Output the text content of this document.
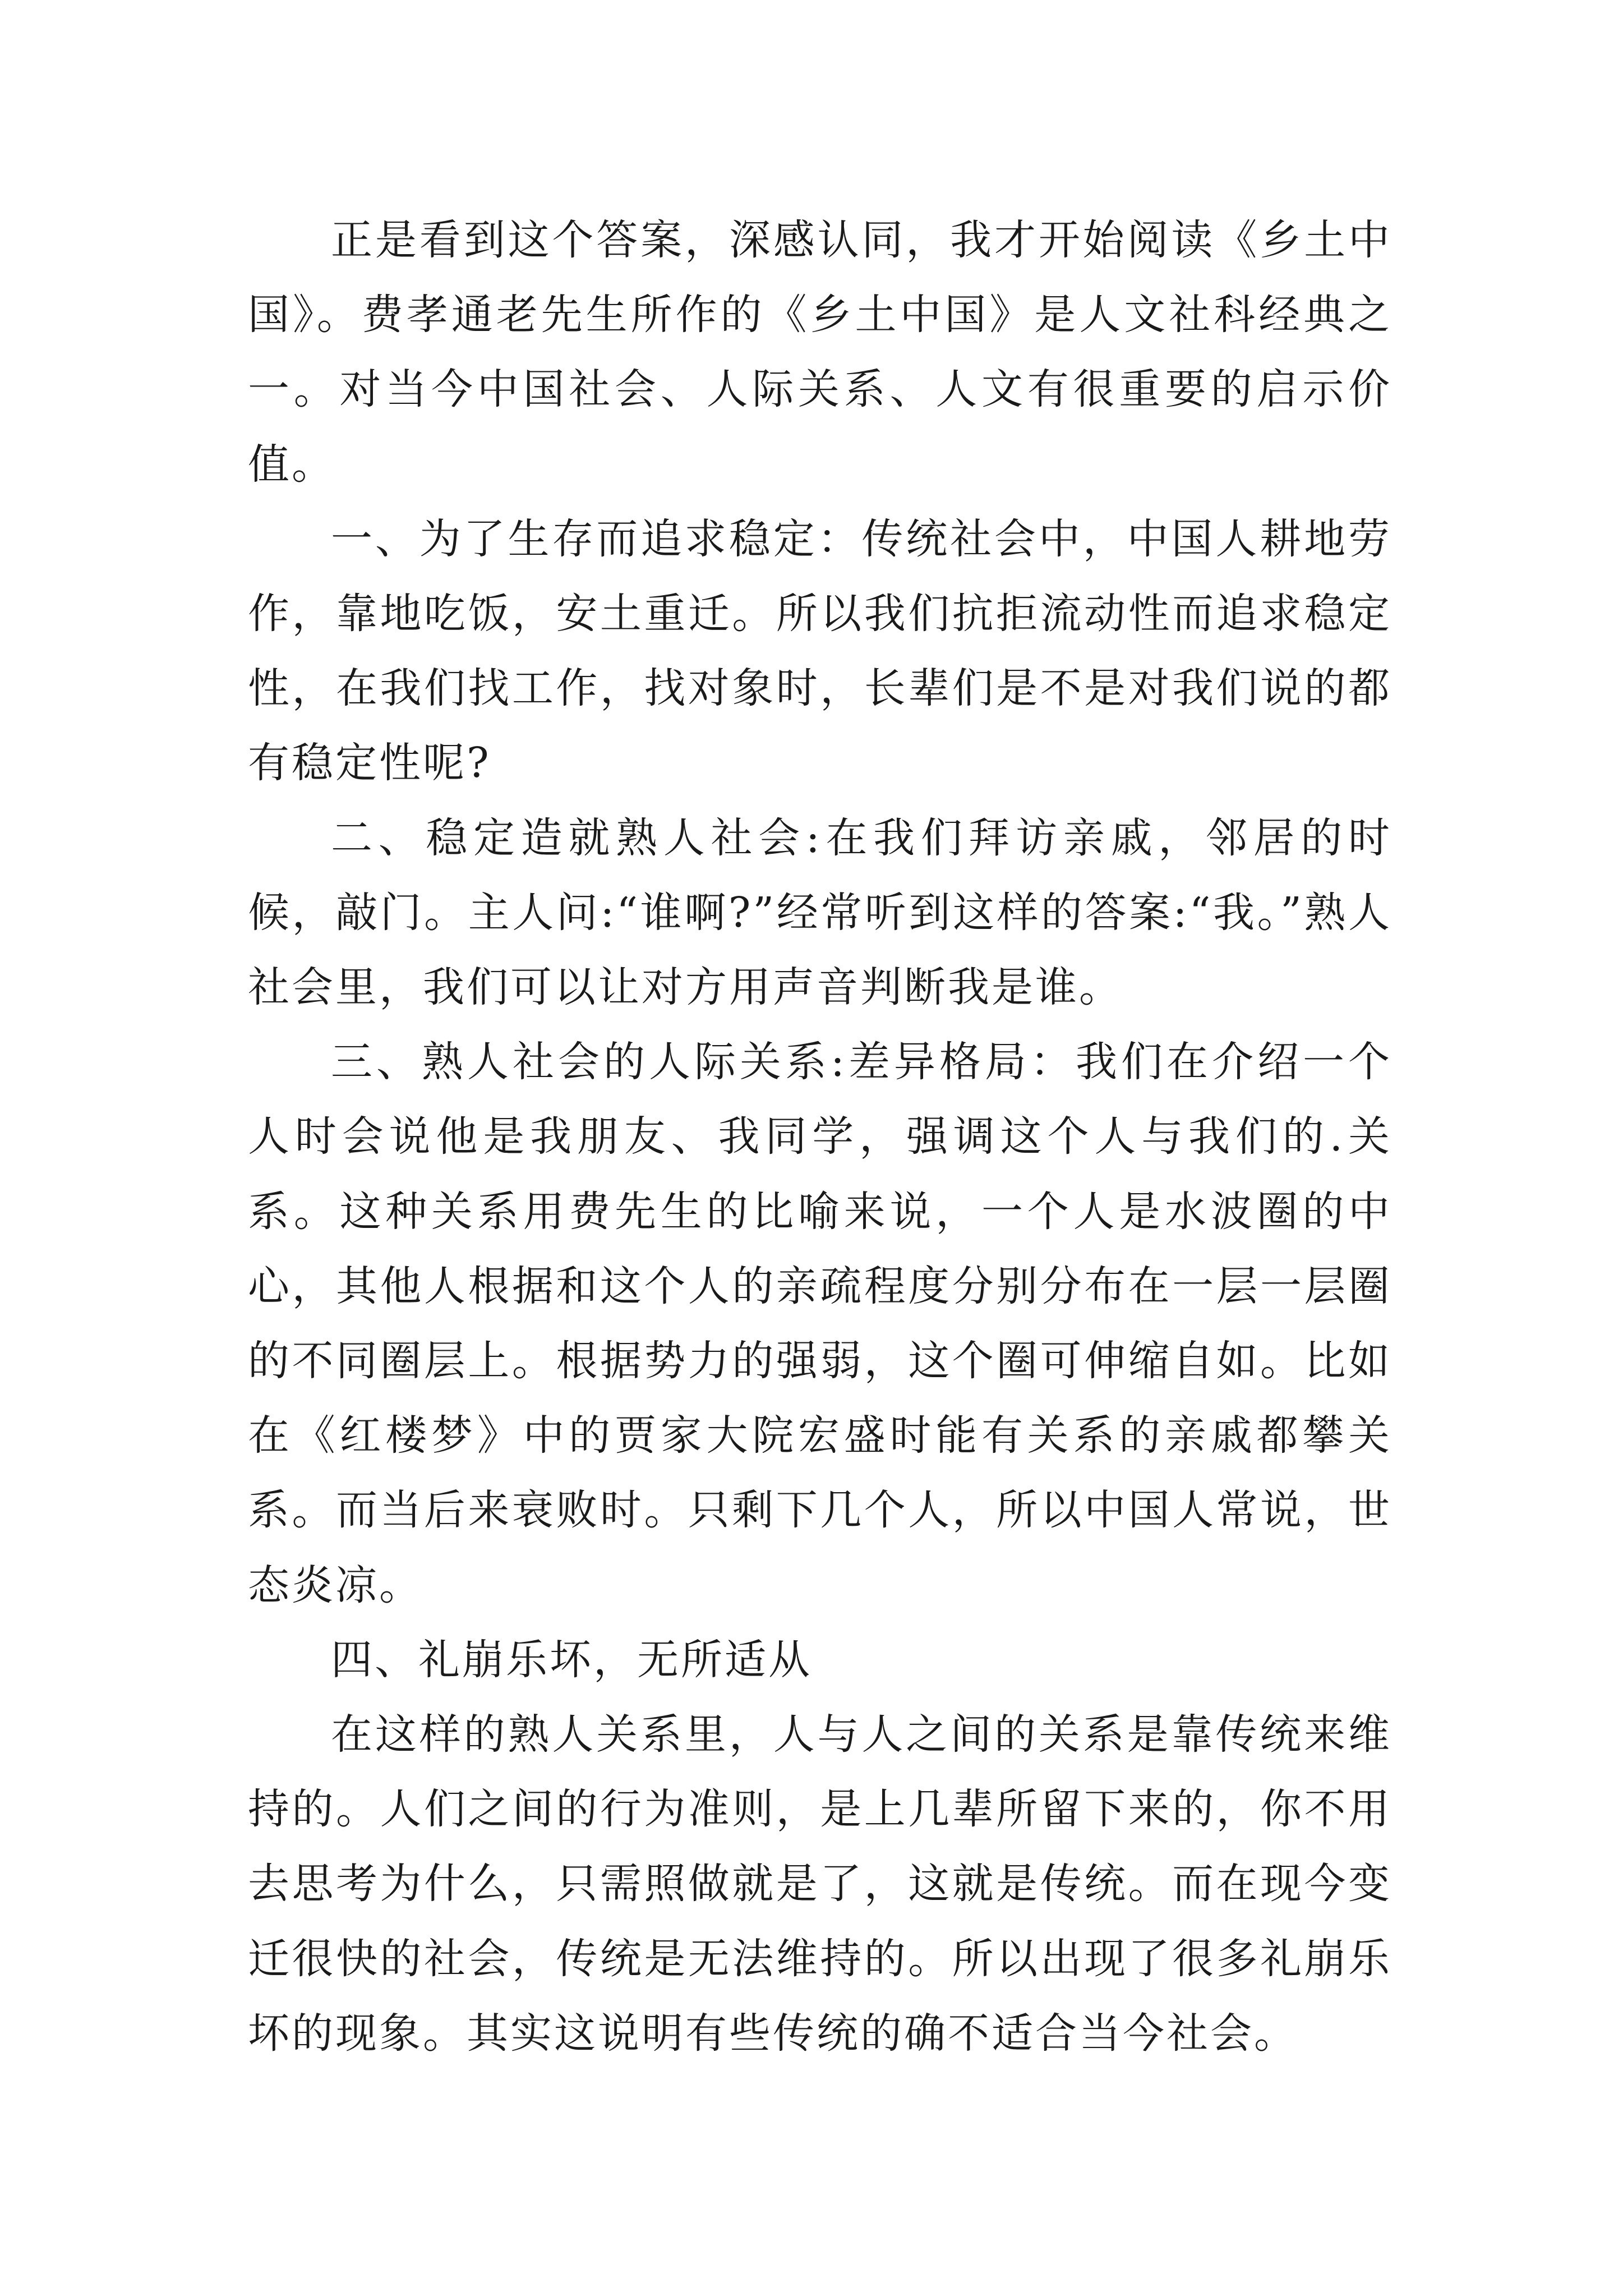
正是看到这个答案，深感认同，我才开始阅读《乡土中国》。费孝通老先生所作的《乡土中国》是人文社科经典之一。对当今中国社会、人际关系、人文有很重要的启示价值。

一、为了生存而追求稳定：传统社会中，中国人耕地劳作，靠地吃饭，安土重迁。所以我们抗拒流动性而追求稳定性，在我们找工作，找对象时，长辈们是不是对我们说的都有稳定性呢?

二、稳定造就熟人社会:在我们拜访亲戚，邻居的时候，敲门。主人问:“谁啊?”经常听到这样的答案:“我。”熟人社会里，我们可以让对方用声音判断我是谁。

三、熟人社会的人际关系:差异格局：我们在介绍一个人时会说他是我朋友、我同学，强调这个人与我们的.关系。这种关系用费先生的比喻来说，一个人是水波圈的中心，其他人根据和这个人的亲疏程度分别分布在一层一层圈的不同圈层上。根据势力的强弱，这个圈可伸缩自如。比如在《红楼梦》中的贾家大院宏盛时能有关系的亲戚都攀关系。而当后来衰败时。只剩下几个人，所以中国人常说，世态炎凉。

四、礼崩乐坏，无所适从

在这样的熟人关系里，人与人之间的关系是靠传统来维持的。人们之间的行为准则，是上几辈所留下来的，你不用去思考为什么，只需照做就是了，这就是传统。而在现今变迁很快的社会，传统是无法维持的。所以出现了很多礼崩乐坏的现象。其实这说明有些传统的确不适合当今社会。
